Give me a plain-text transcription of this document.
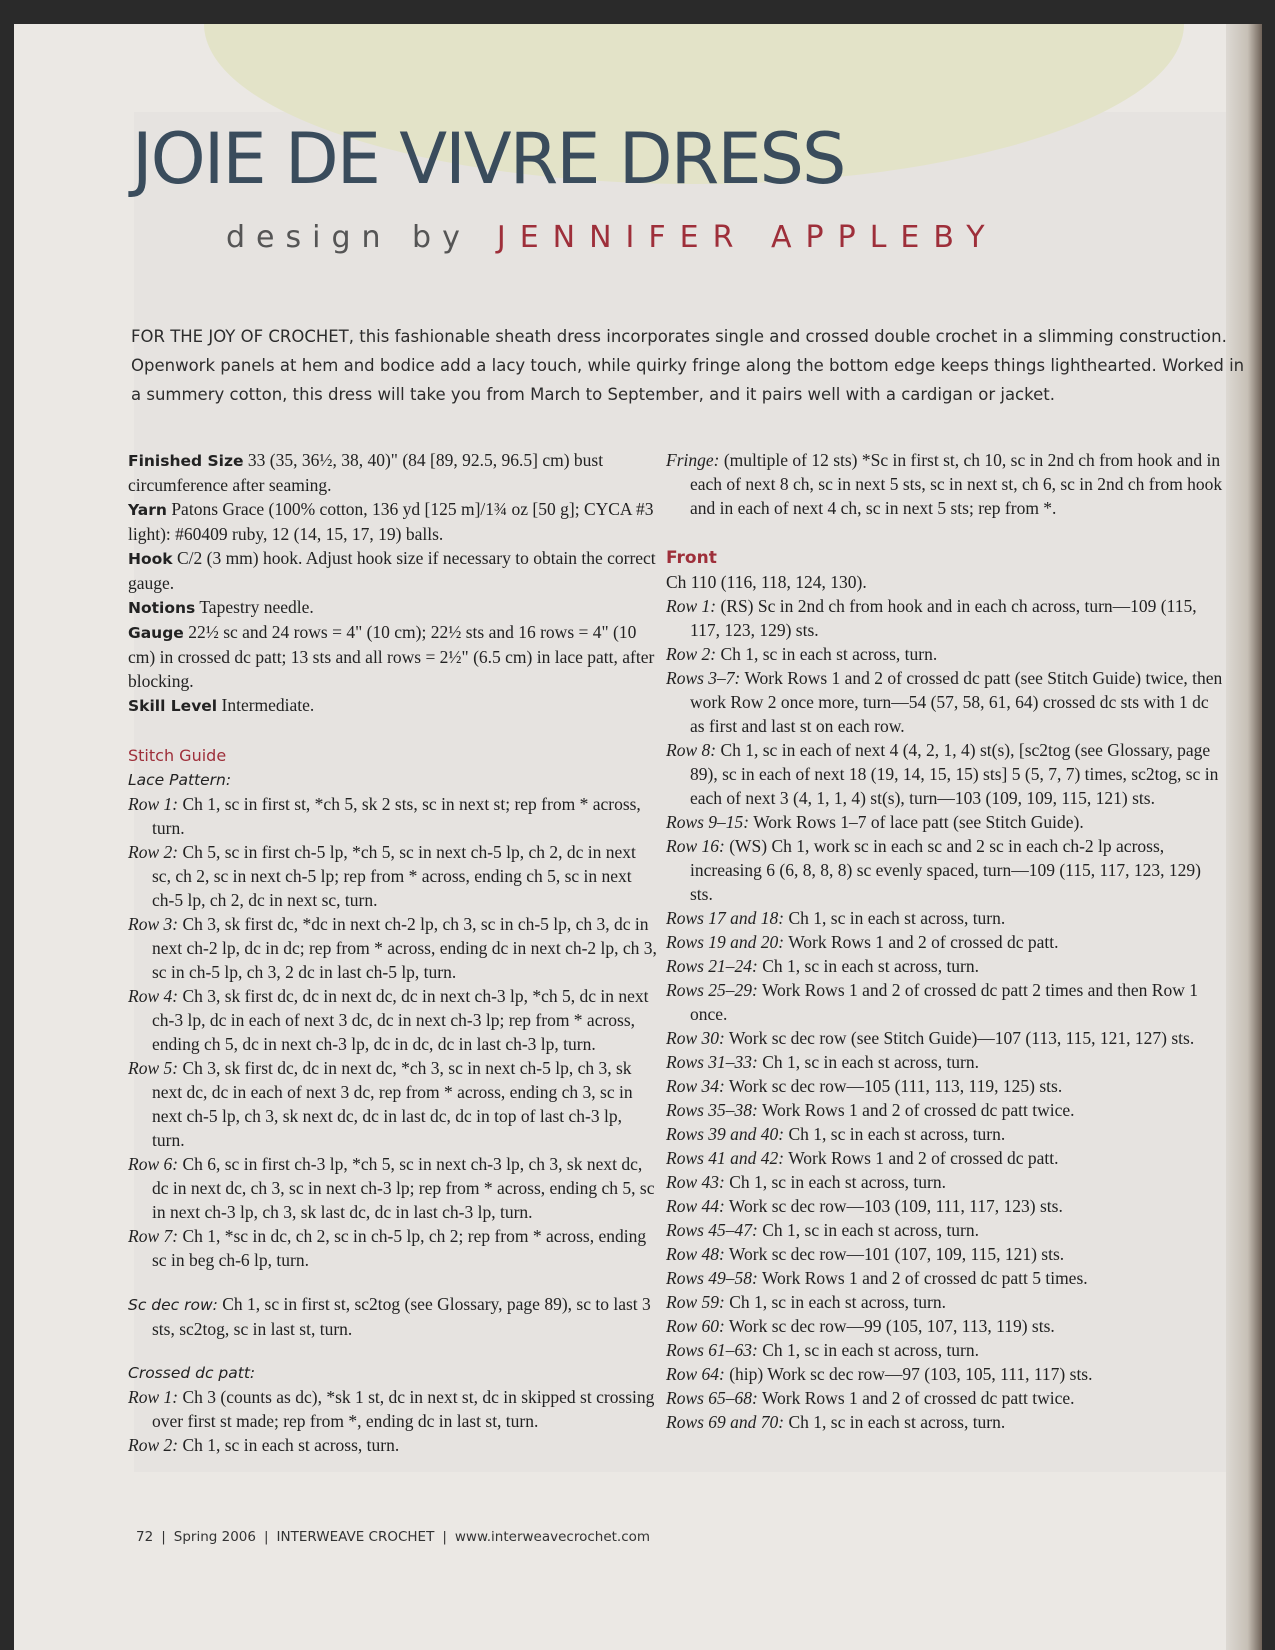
JOIE DE VIVRE DRESS
design by JENNIFER APPLEBY

FOR THE JOY OF CROCHET, this fashionable sheath dress incorporates single and crossed double crochet in a slimming construction. Openwork panels at hem and bodice add a lacy touch, while quirky fringe along the bottom edge keeps things lighthearted. Worked in a summery cotton, this dress will take you from March to September, and it pairs well with a cardigan or jacket.

Finished Size 33 (35, 36½, 38, 40)" (84 [89, 92.5, 96.5] cm) bust circumference after seaming.

Yarn Patons Grace (100% cotton, 136 yd [125 m]/1¾ oz [50 g]; CYCA #3 light): #60409 ruby, 12 (14, 15, 17, 19) balls.

Hook C/2 (3 mm) hook. Adjust hook size if necessary to obtain the correct gauge.

Notions Tapestry needle.

Gauge 22½ sc and 24 rows = 4" (10 cm); 22½ sts and 16 rows = 4" (10 cm) in crossed dc patt; 13 sts and all rows = 2½" (6.5 cm) in lace patt, after blocking.

Skill Level Intermediate.

Stitch Guide
Lace Pattern:

Row 1: Ch 1, sc in first st, *ch 5, sk 2 sts, sc in next st; rep from * across, turn.

Row 2: Ch 5, sc in first ch-5 lp, *ch 5, sc in next ch-5 lp, ch 2, dc in next sc, ch 2, sc in next ch-5 lp; rep from * across, ending ch 5, sc in next ch-5 lp, ch 2, dc in next sc, turn.

Row 3: Ch 3, sk first dc, *dc in next ch-2 lp, ch 3, sc in ch-5 lp, ch 3, dc in next ch-2 lp, dc in dc; rep from * across, ending dc in next ch-2 lp, ch 3, sc in ch-5 lp, ch 3, 2 dc in last ch-5 lp, turn.

Row 4: Ch 3, sk first dc, dc in next dc, dc in next ch-3 lp, *ch 5, dc in next ch-3 lp, dc in each of next 3 dc, dc in next ch-3 lp; rep from * across, ending ch 5, dc in next ch-3 lp, dc in dc, dc in last ch-3 lp, turn.

Row 5: Ch 3, sk first dc, dc in next dc, *ch 3, sc in next ch-5 lp, ch 3, sk next dc, dc in each of next 3 dc, rep from * across, ending ch 3, sc in next ch-5 lp, ch 3, sk next dc, dc in last dc, dc in top of last ch-3 lp, turn.

Row 6: Ch 6, sc in first ch-3 lp, *ch 5, sc in next ch-3 lp, ch 3, sk next dc, dc in next dc, ch 3, sc in next ch-3 lp; rep from * across, ending ch 5, sc in next ch-3 lp, ch 3, sk last dc, dc in last ch-3 lp, turn.

Row 7: Ch 1, *sc in dc, ch 2, sc in ch-5 lp, ch 2; rep from * across, ending sc in beg ch-6 lp, turn.

Sc dec row: Ch 1, sc in first st, sc2tog (see Glossary, page 89), sc to last 3 sts, sc2tog, sc in last st, turn.

Crossed dc patt:

Row 1: Ch 3 (counts as dc), *sk 1 st, dc in next st, dc in skipped st crossing over first st made; rep from *, ending dc in last st, turn.

Row 2: Ch 1, sc in each st across, turn.

Fringe: (multiple of 12 sts) *Sc in first st, ch 10, sc in 2nd ch from hook and in each of next 8 ch, sc in next 5 sts, sc in next st, ch 6, sc in 2nd ch from hook and in each of next 4 ch, sc in next 5 sts; rep from *.

Front

Ch 110 (116, 118, 124, 130).

Row 1: (RS) Sc in 2nd ch from hook and in each ch across, turn—109 (115, 117, 123, 129) sts.

Row 2: Ch 1, sc in each st across, turn.

Rows 3–7: Work Rows 1 and 2 of crossed dc patt (see Stitch Guide) twice, then work Row 2 once more, turn—54 (57, 58, 61, 64) crossed dc sts with 1 dc as first and last st on each row.

Row 8: Ch 1, sc in each of next 4 (4, 2, 1, 4) st(s), [sc2tog (see Glossary, page 89), sc in each of next 18 (19, 14, 15, 15) sts] 5 (5, 7, 7) times, sc2tog, sc in each of next 3 (4, 1, 1, 4) st(s), turn—103 (109, 109, 115, 121) sts.

Rows 9–15: Work Rows 1–7 of lace patt (see Stitch Guide).

Row 16: (WS) Ch 1, work sc in each sc and 2 sc in each ch-2 lp across, increasing 6 (6, 8, 8, 8) sc evenly spaced, turn—109 (115, 117, 123, 129) sts.

Rows 17 and 18: Ch 1, sc in each st across, turn.

Rows 19 and 20: Work Rows 1 and 2 of crossed dc patt.

Rows 21–24: Ch 1, sc in each st across, turn.

Rows 25–29: Work Rows 1 and 2 of crossed dc patt 2 times and then Row 1 once.

Row 30: Work sc dec row (see Stitch Guide)—107 (113, 115, 121, 127) sts.

Rows 31–33: Ch 1, sc in each st across, turn.

Row 34: Work sc dec row—105 (111, 113, 119, 125) sts.

Rows 35–38: Work Rows 1 and 2 of crossed dc patt twice.

Rows 39 and 40: Ch 1, sc in each st across, turn.

Rows 41 and 42: Work Rows 1 and 2 of crossed dc patt.

Row 43: Ch 1, sc in each st across, turn.

Row 44: Work sc dec row—103 (109, 111, 117, 123) sts.

Rows 45–47: Ch 1, sc in each st across, turn.

Row 48: Work sc dec row—101 (107, 109, 115, 121) sts.

Rows 49–58: Work Rows 1 and 2 of crossed dc patt 5 times.

Row 59: Ch 1, sc in each st across, turn.

Row 60: Work sc dec row—99 (105, 107, 113, 119) sts.

Rows 61–63: Ch 1, sc in each st across, turn.

Row 64: (hip) Work sc dec row—97 (103, 105, 111, 117) sts.

Rows 65–68: Work Rows 1 and 2 of crossed dc patt twice.

Rows 69 and 70: Ch 1, sc in each st across, turn.

72 | Spring 2006 | INTERWEAVE CROCHET | www.interweavecrochet.com
